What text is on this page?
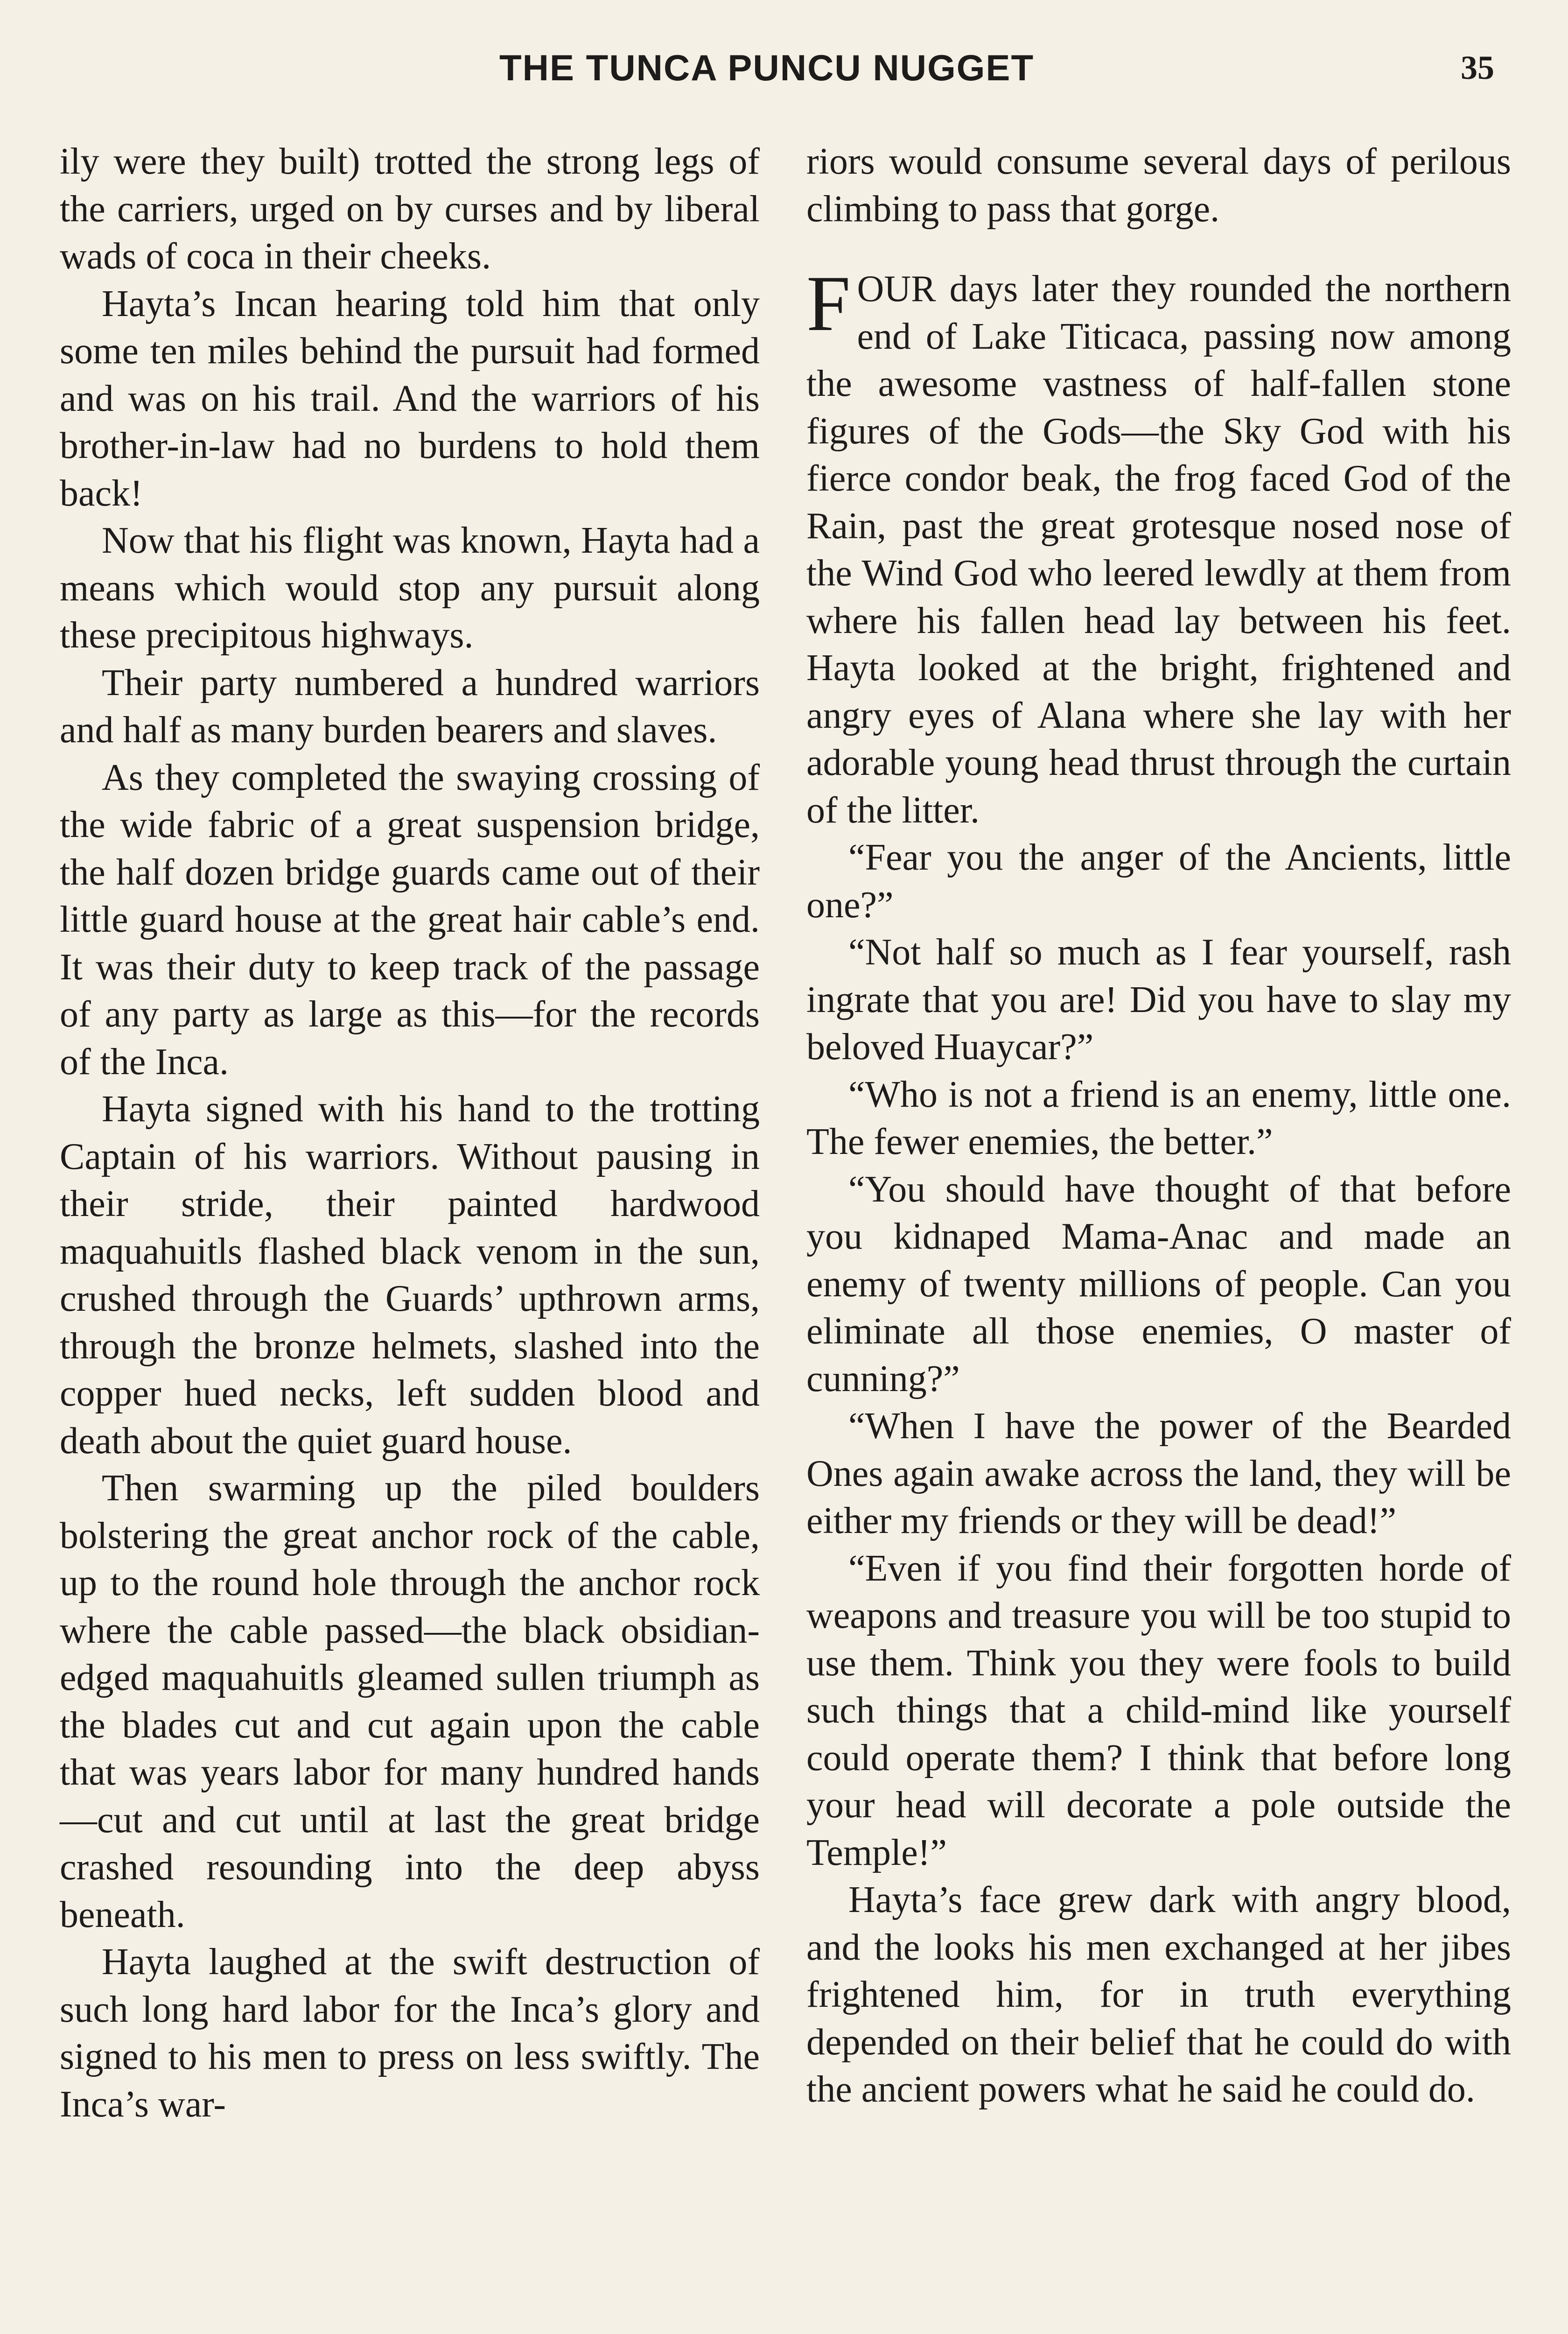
THE TUNCA PUNCU NUGGET	35

ily were they built) trotted the strong legs of the carriers, urged on by curses and by liberal wads of coca in their cheeks.

Hayta’s Incan hearing told him that only some ten miles behind the pursuit had formed and was on his trail. And the warriors of his brother-in-law had no burdens to hold them back!

Now that his flight was known, Hayta had a means which would stop any pursuit along these precipitous highways.

Their party numbered a hundred warriors and half as many burden bearers and slaves.

As they completed the swaying crossing of the wide fabric of a great suspension bridge, the half dozen bridge guards came out of their little guard house at the great hair cable’s end. It was their duty to keep track of the passage of any party as large as this—for the records of the Inca.

Hayta signed with his hand to the trotting Captain of his warriors. Without pausing in their stride, their painted hardwood maquahuitls flashed black venom in the sun, crushed through the Guards’ upthrown arms, through the bronze helmets, slashed into the copper hued necks, left sudden blood and death about the quiet guard house.

Then swarming up the piled boulders bolstering the great anchor rock of the cable, up to the round hole through the anchor rock where the cable passed—the black obsidian-edged maquahuitls gleamed sullen triumph as the blades cut and cut again upon the cable that was years labor for many hundred hands—cut and cut until at last the great bridge crashed resounding into the deep abyss beneath.

Hayta laughed at the swift destruction of such long hard labor for the Inca’s glory and signed to his men to press on less swiftly. The Inca’s war-

riors would consume several days of perilous climbing to pass that gorge.

FOUR days later they rounded the northern end of Lake Titicaca, passing now among the awesome vastness of half-fallen stone figures of the Gods—the Sky God with his fierce condor beak, the frog faced God of the Rain, past the great grotesque nosed nose of the Wind God who leered lewdly at them from where his fallen head lay between his feet. Hayta looked at the bright, frightened and angry eyes of Alana where she lay with her adorable young head thrust through the curtain of the litter.

“Fear you the anger of the Ancients, little one?”

“Not half so much as I fear yourself, rash ingrate that you are! Did you have to slay my beloved Huaycar?”

“Who is not a friend is an enemy, little one. The fewer enemies, the better.”

“You should have thought of that before you kidnaped Mama-Anac and made an enemy of twenty millions of people. Can you eliminate all those enemies, O master of cunning?”

“When I have the power of the Bearded Ones again awake across the land, they will be either my friends or they will be dead!”

“Even if you find their forgotten horde of weapons and treasure you will be too stupid to use them. Think you they were fools to build such things that a child-mind like yourself could operate them? I think that before long your head will decorate a pole outside the Temple!”

Hayta’s face grew dark with angry blood, and the looks his men exchanged at her jibes frightened him, for in truth everything depended on their belief that he could do with the ancient powers what he said he could do.
